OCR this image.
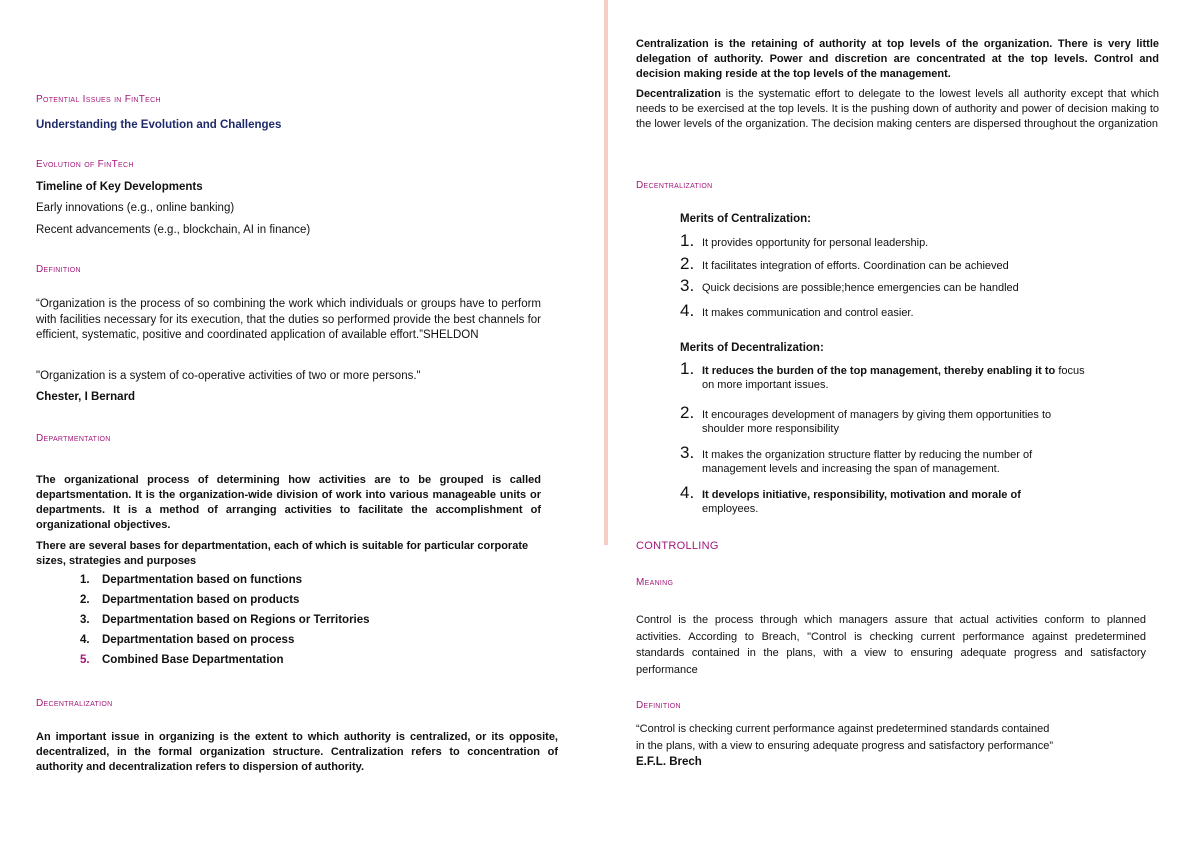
Potential Issues in FinTech
Understanding the Evolution and Challenges
Evolution of FinTech
Timeline of Key Developments
Early innovations (e.g., online banking)
Recent advancements (e.g., blockchain, AI in finance)
Definition
“Organization is the process of so combining the work which individuals or groups have to perform with facilities necessary for its execution, that the duties so performed provide the best channels for efficient, systematic, positive and coordinated application of available effort.”SHELDON
"Organization is a system of co-operative activities of two or more persons."
Chester, I Bernard
Departmentation
The organizational process of determining how activities are to be grouped is called departsmentation. It is the organization-wide division of work into various manageable units or departments. It is a method of arranging activities to facilitate the accomplishment of organizational objectives.
There are several bases for departmentation, each of which is suitable for particular corporate sizes, strategies and purposes
1. Departmentation based on functions
2. Departmentation based on products
3. Departmentation based on Regions or Territories
4. Departmentation based on process
5. Combined Base Departmentation
Decentralization
An important issue in organizing is the extent to which authority is centralized, or its opposite, decentralized, in the formal organization structure. Centralization refers to concentration of authority and decentralization refers to dispersion of authority.
Centralization is the retaining of authority at top levels of the organization. There is very little delegation of authority. Power and discretion are concentrated at the top levels. Control and decision making reside at the top levels of the management.
Decentralization is the systematic effort to delegate to the lowest levels all authority except that which needs to be exercised at the top levels. It is the pushing down of authority and power of decision making to the lower levels of the organization. The decision making centers are dispersed throughout the organization
Decentralization
Merits of Centralization:
1. It provides opportunity for personal leadership.
2. It facilitates integration of efforts. Coordination can be achieved
3. Quick decisions are possible;hence emergencies can be handled
4. It makes communication and control easier.
Merits of Decentralization:
1. It reduces the burden of the top management, thereby enabling it to focus
on more important issues.
2. It encourages development of managers by giving them opportunities to
shoulder more responsibility
3. It makes the organization structure flatter by reducing the number of
management levels and increasing the span of management.
4. It develops initiative, responsibility, motivation and morale of
employees.
CONTROLLING
Meaning
Control is the process through which managers assure that actual activities conform to planned activities. According to Breach, "Control is checking current performance against predetermined standards contained in the plans, with a view to ensuring adequate progress and satisfactory performance
Definition
“Control is checking current performance against predetermined standards contained
in the plans, with a view to ensuring adequate progress and satisfactory performance”
E.F.L. Brech
